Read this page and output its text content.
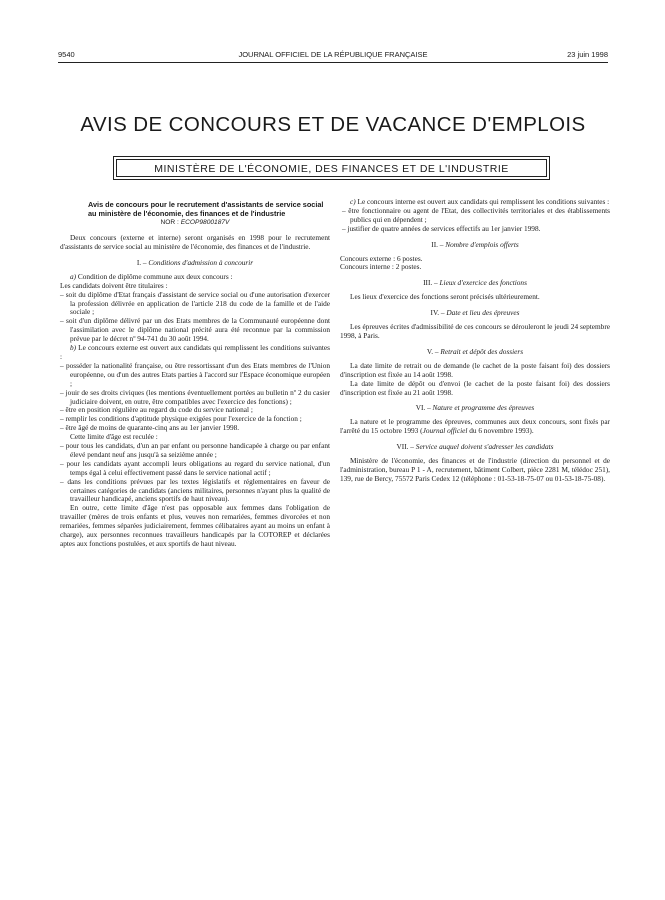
9540	JOURNAL OFFICIEL DE LA RÉPUBLIQUE FRANÇAISE	23 juin 1998
AVIS DE CONCOURS ET DE VACANCE D'EMPLOIS
MINISTÈRE DE L'ÉCONOMIE, DES FINANCES ET DE L'INDUSTRIE
Avis de concours pour le recrutement d'assistants de service social au ministère de l'économie, des finances et de l'industrie
NOR : ECOP9800187V

Deux concours (externe et interne) seront organisés en 1998 pour le recrutement d'assistants de service social au ministère de l'économie, des finances et de l'industrie.

I. – Conditions d'admission à concourir

a) Condition de diplôme commune aux deux concours :

Les candidats doivent être titulaires :

– soit du diplôme d'Etat français d'assistant de service social ou d'une autorisation d'exercer la profession délivrée en application de l'article 218 du code de la famille et de l'aide sociale ;

– soit d'un diplôme délivré par un des Etats membres de la Communauté européenne dont l'assimilation avec le diplôme national précité aura été reconnue par la commission prévue par le décret nº 94-741 du 30 août 1994.

b) Le concours externe est ouvert aux candidats qui remplissent les conditions suivantes :

– posséder la nationalité française, ou être ressortissant d'un des Etats membres de l'Union européenne, ou d'un des autres Etats parties à l'accord sur l'Espace économique européen ;

– jouir de ses droits civiques (les mentions éventuellement portées au bulletin nº 2 du casier judiciaire doivent, en outre, être compatibles avec l'exercice des fonctions) ;

– être en position régulière au regard du code du service national ;

– remplir les conditions d'aptitude physique exigées pour l'exercice de la fonction ;

– être âgé de moins de quarante-cinq ans au 1er janvier 1998.

Cette limite d'âge est reculée :

– pour tous les candidats, d'un an par enfant ou personne handicapée à charge ou par enfant élevé pendant neuf ans jusqu'à sa seizième année ;

– pour les candidats ayant accompli leurs obligations au regard du service national, d'un temps égal à celui effectivement passé dans le service national actif ;

– dans les conditions prévues par les textes législatifs et réglementaires en faveur de certaines catégories de candidats (anciens militaires, personnes n'ayant plus la qualité de travailleur handicapé, anciens sportifs de haut niveau).

En outre, cette limite d'âge n'est pas opposable aux femmes dans l'obligation de travailler (mères de trois enfants et plus, veuves non remariées, femmes divorcées et non remariées, femmes séparées judiciairement, femmes célibataires ayant au moins un enfant à charge), aux personnes reconnues travailleurs handicapés par la COTOREP et déclarées aptes aux fonctions postulées, et aux sportifs de haut niveau.

c) Le concours interne est ouvert aux candidats qui remplissent les conditions suivantes :

– être fonctionnaire ou agent de l'Etat, des collectivités territoriales et des établissements publics qui en dépendent ;

– justifier de quatre années de services effectifs au 1er janvier 1998.

II. – Nombre d'emplois offerts

Concours externe : 6 postes.

Concours interne : 2 postes.

III. – Lieux d'exercice des fonctions

Les lieux d'exercice des fonctions seront précisés ultérieurement.

IV. – Date et lieu des épreuves

Les épreuves écrites d'admissibilité de ces concours se dérouleront le jeudi 24 septembre 1998, à Paris.

V. – Retrait et dépôt des dossiers

La date limite de retrait ou de demande (le cachet de la poste faisant foi) des dossiers d'inscription est fixée au 14 août 1998.

La date limite de dépôt ou d'envoi (le cachet de la poste faisant foi) des dossiers d'inscription est fixée au 21 août 1998.

VI. – Nature et programme des épreuves

La nature et le programme des épreuves, communes aux deux concours, sont fixés par l'arrêté du 15 octobre 1993 (Journal officiel du 6 novembre 1993).

VII. – Service auquel doivent s'adresser les candidats

Ministère de l'économie, des finances et de l'industrie (direction du personnel et de l'administration, bureau P 1 - A, recrutement, bâtiment Colbert, pièce 2281 M, télédoc 251), 139, rue de Bercy, 75572 Paris Cedex 12 (téléphone : 01-53-18-75-07 ou 01-53-18-75-08).
